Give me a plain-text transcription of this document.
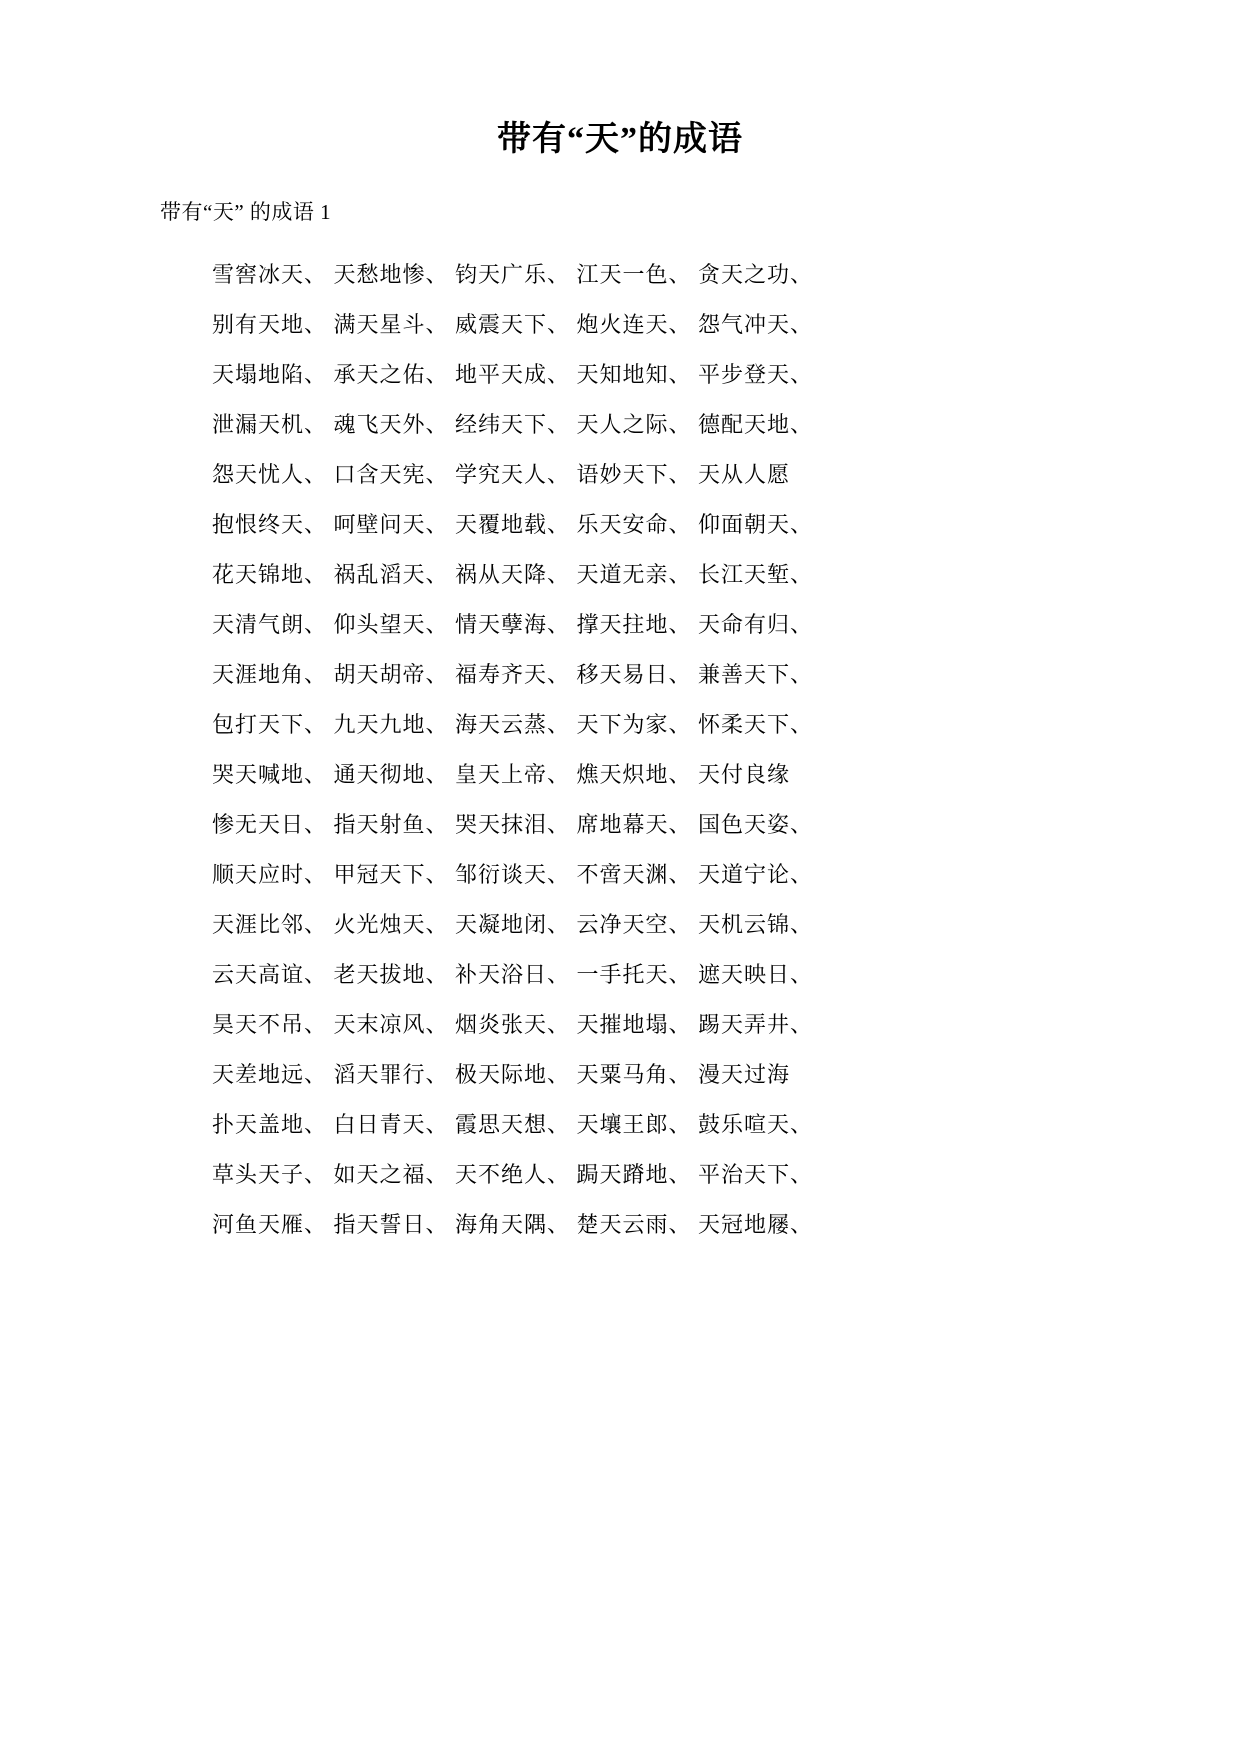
带有“天”的成语
带有“天” 的成语 1
雪窖冰天、 天愁地惨、 钧天广乐、 江天一色、 贪天之功、
别有天地、 满天星斗、 威震天下、 炮火连天、 怨气冲天、
天塌地陷、 承天之佑、 地平天成、 天知地知、 平步登天、
泄漏天机、 魂飞天外、 经纬天下、 天人之际、 德配天地、
怨天忧人、 口含天宪、 学究天人、 语妙天下、 天从人愿
抱恨终天、 呵壁问天、 天覆地载、 乐天安命、 仰面朝天、
花天锦地、 祸乱滔天、 祸从天降、 天道无亲、 长江天堑、
天清气朗、 仰头望天、 情天孽海、 撑天拄地、 天命有归、
天涯地角、 胡天胡帝、 福寿齐天、 移天易日、 兼善天下、
包打天下、 九天九地、 海天云蒸、 天下为家、 怀柔天下、
哭天喊地、 通天彻地、 皇天上帝、 燋天炽地、 天付良缘
惨无天日、 指天射鱼、 哭天抹泪、 席地幕天、 国色天姿、
顺天应时、 甲冠天下、 邹衍谈天、 不啻天渊、 天道宁论、
天涯比邻、 火光烛天、 天凝地闭、 云净天空、 天机云锦、
云天高谊、 老天拔地、 补天浴日、 一手托天、 遮天映日、
昊天不吊、 天末凉风、 烟炎张天、 天摧地塌、 踢天弄井、
天差地远、 滔天罪行、 极天际地、 天粟马角、 漫天过海
扑天盖地、 白日青天、 霞思天想、 天壤王郎、 鼓乐喧天、
草头天子、 如天之福、 天不绝人、 跼天蹐地、 平治天下、
河鱼天雁、 指天誓日、 海角天隅、 楚天云雨、 天冠地屦、
